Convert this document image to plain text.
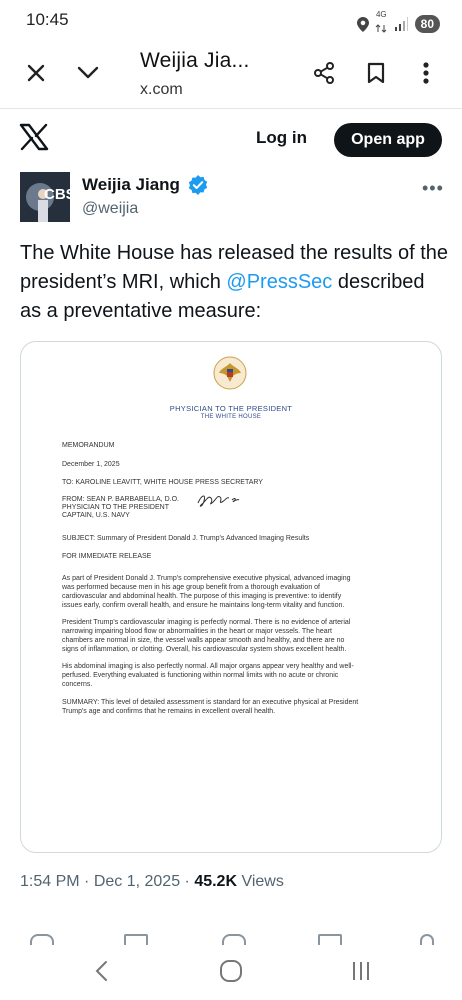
10:45	4G
80
Weijia Jia...
x.com
Log in	Open app
CBS
Weijia Jiang
@weijia
•••
The White House has released the results of the president’s MRI, which @PressSec described as a preventative measure:
PHYSICIAN TO THE PRESIDENT
THE WHITE HOUSE
MEMORANDUM
December 1, 2025
TO: KAROLINE LEAVITT, WHITE HOUSE PRESS SECRETARY
FROM: SEAN P. BARBABELLA, D.O.
PHYSICIAN TO THE PRESIDENT
CAPTAIN, U.S. NAVY
SUBJECT: Summary of President Donald J. Trump's Advanced Imaging Results
FOR IMMEDIATE RELEASE
As part of President Donald J. Trump's comprehensive executive physical, advanced imaging
was performed because men in his age group benefit from a thorough evaluation of
cardiovascular and abdominal health. The purpose of this imaging is preventive: to identify
issues early, confirm overall health, and ensure he maintains long-term vitality and function.
President Trump's cardiovascular imaging is perfectly normal. There is no evidence of arterial
narrowing impairing blood flow or abnormalities in the heart or major vessels. The heart
chambers are normal in size, the vessel walls appear smooth and healthy, and there are no
signs of inflammation, or clotting. Overall, his cardiovascular system shows excellent health.
His abdominal imaging is also perfectly normal. All major organs appear very healthy and well-
perfused. Everything evaluated is functioning within normal limits with no acute or chronic
concerns.
SUMMARY: This level of detailed assessment is standard for an executive physical at President
Trump's age and confirms that he remains in excellent overall health.
1:54 PM · Dec 1, 2025 · 45.2K Views
